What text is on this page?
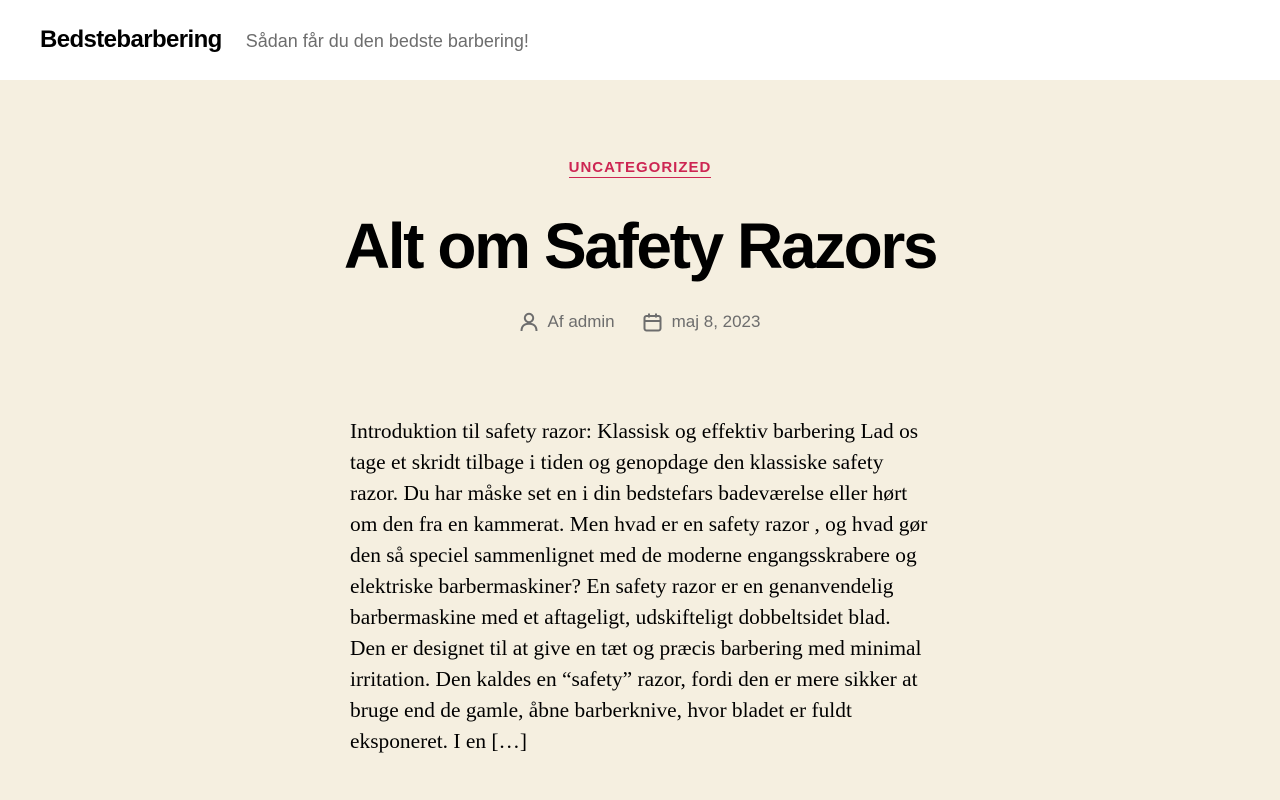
Bedstebarbering Sådan får du den bedste barbering!
UNCATEGORIZED
Alt om Safety Razors
Af admin	maj 8, 2023

Introduktion til safety razor: Klassisk og effektiv barbering Lad os tage et skridt tilbage i tiden og genopdage den klassiske safety razor. Du har måske set en i din bedstefars badeværelse eller hørt om den fra en kammerat. Men hvad er en safety razor , og hvad gør den så speciel sammenlignet med de moderne engangsskrabere og elektriske barbermaskiner? En safety razor er en genanvendelig barbermaskine med et aftageligt, udskifteligt dobbeltsidet blad. Den er designet til at give en tæt og præcis barbering med minimal irritation. Den kaldes en “safety” razor, fordi den er mere sikker at bruge end de gamle, åbne barberknive, hvor bladet er fuldt eksponeret. I en […]
